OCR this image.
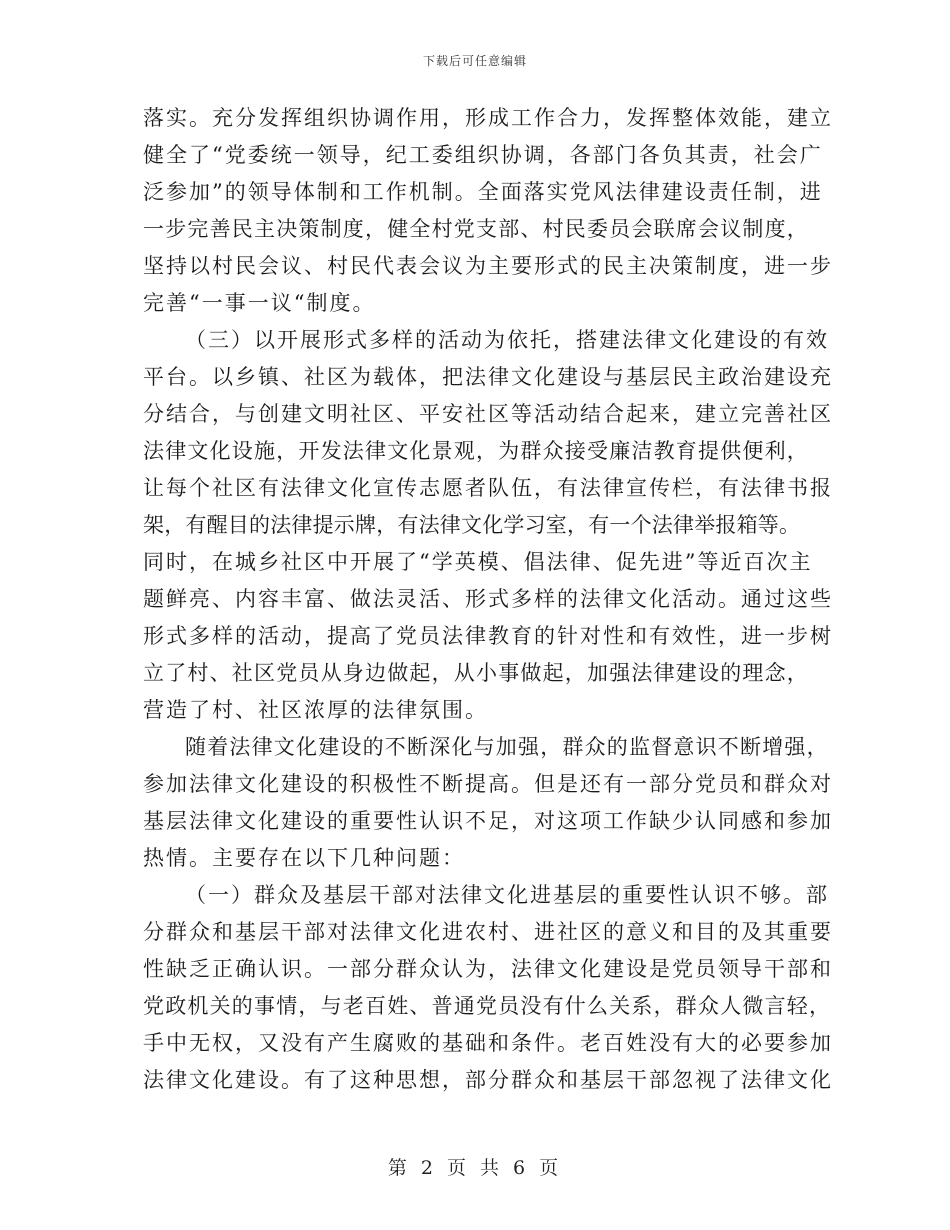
下载后可任意编辑
落实。充分发挥组织协调作用，形成工作合力，发挥整体效能，建立
健全了“党委统一领导，纪工委组织协调，各部门各负其责，社会广
泛参加”的领导体制和工作机制。全面落实党风法律建设责任制，进
一步完善民主决策制度，健全村党支部、村民委员会联席会议制度，
坚持以村民会议、村民代表会议为主要形式的民主决策制度，进一步
完善“一事一议“制度。
（三）以开展形式多样的活动为依托，搭建法律文化建设的有效
平台。以乡镇、社区为载体，把法律文化建设与基层民主政治建设充
分结合，与创建文明社区、平安社区等活动结合起来，建立完善社区
法律文化设施，开发法律文化景观，为群众接受廉洁教育提供便利，
让每个社区有法律文化宣传志愿者队伍，有法律宣传栏，有法律书报
架，有醒目的法律提示牌，有法律文化学习室，有一个法律举报箱等。
同时，在城乡社区中开展了“学英模、倡法律、促先进”等近百次主
题鲜亮、内容丰富、做法灵活、形式多样的法律文化活动。通过这些
形式多样的活动，提高了党员法律教育的针对性和有效性，进一步树
立了村、社区党员从身边做起，从小事做起，加强法律建设的理念，
营造了村、社区浓厚的法律氛围。
随着法律文化建设的不断深化与加强，群众的监督意识不断增强，
参加法律文化建设的积极性不断提高。但是还有一部分党员和群众对
基层法律文化建设的重要性认识不足，对这项工作缺少认同感和参加
热情。主要存在以下几种问题：
（一）群众及基层干部对法律文化进基层的重要性认识不够。部
分群众和基层干部对法律文化进农村、进社区的意义和目的及其重要
性缺乏正确认识。一部分群众认为，法律文化建设是党员领导干部和
党政机关的事情，与老百姓、普通党员没有什么关系，群众人微言轻，
手中无权，又没有产生腐败的基础和条件。老百姓没有大的必要参加
法律文化建设。有了这种思想，部分群众和基层干部忽视了法律文化
第 2 页 共 6 页
